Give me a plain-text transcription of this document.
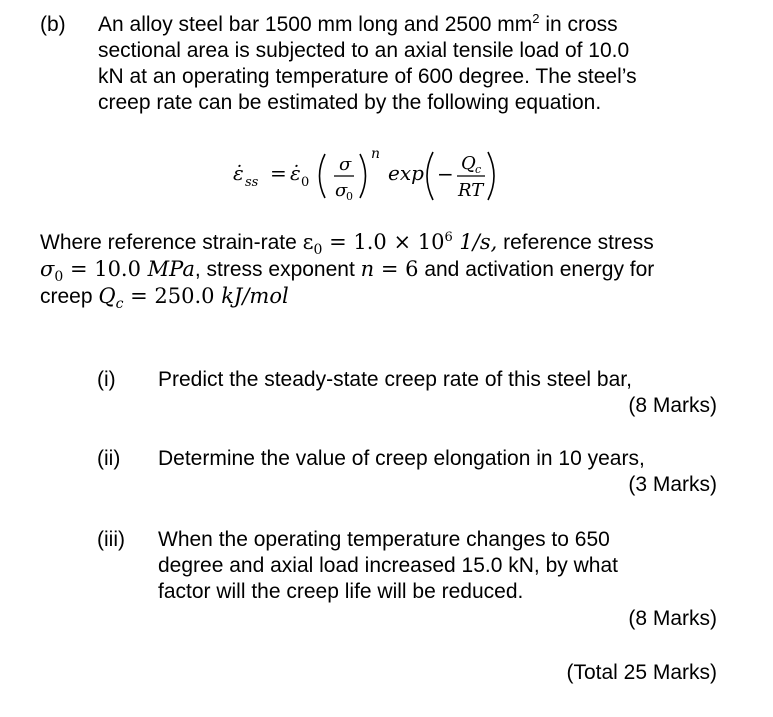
(b) An alloy steel bar 1500 mm long and 2500 $mm^2$ in cross
sectional area is subjected to an axial tensile load of 10.0
kN at an operating temperature of 600 degree. The steel’s
creep rate can be estimated by the following equation.
ε̇ ss = ε̇ 0
σ
σ
0
n
exp − Q c
RT
Where reference strain-rate $\varepsilon_0 = 1.0 \times 10^6$ 1/s, reference stress
$\sigma_0 = 10.0$ MPa, stress exponent n = 6 and activation energy for
creep $Q_c = 250.0$ kJ/mol
(i) Predict the steady-state creep rate of this steel bar,
(8 Marks)
(ii) Determine the value of creep elongation in 10 years,
(3 Marks)
(iii) When the operating temperature changes to 650
degree and axial load increased 15.0 kN, by what
factor will the creep life will be reduced.
(8 Marks)
(Total 25 Marks)
